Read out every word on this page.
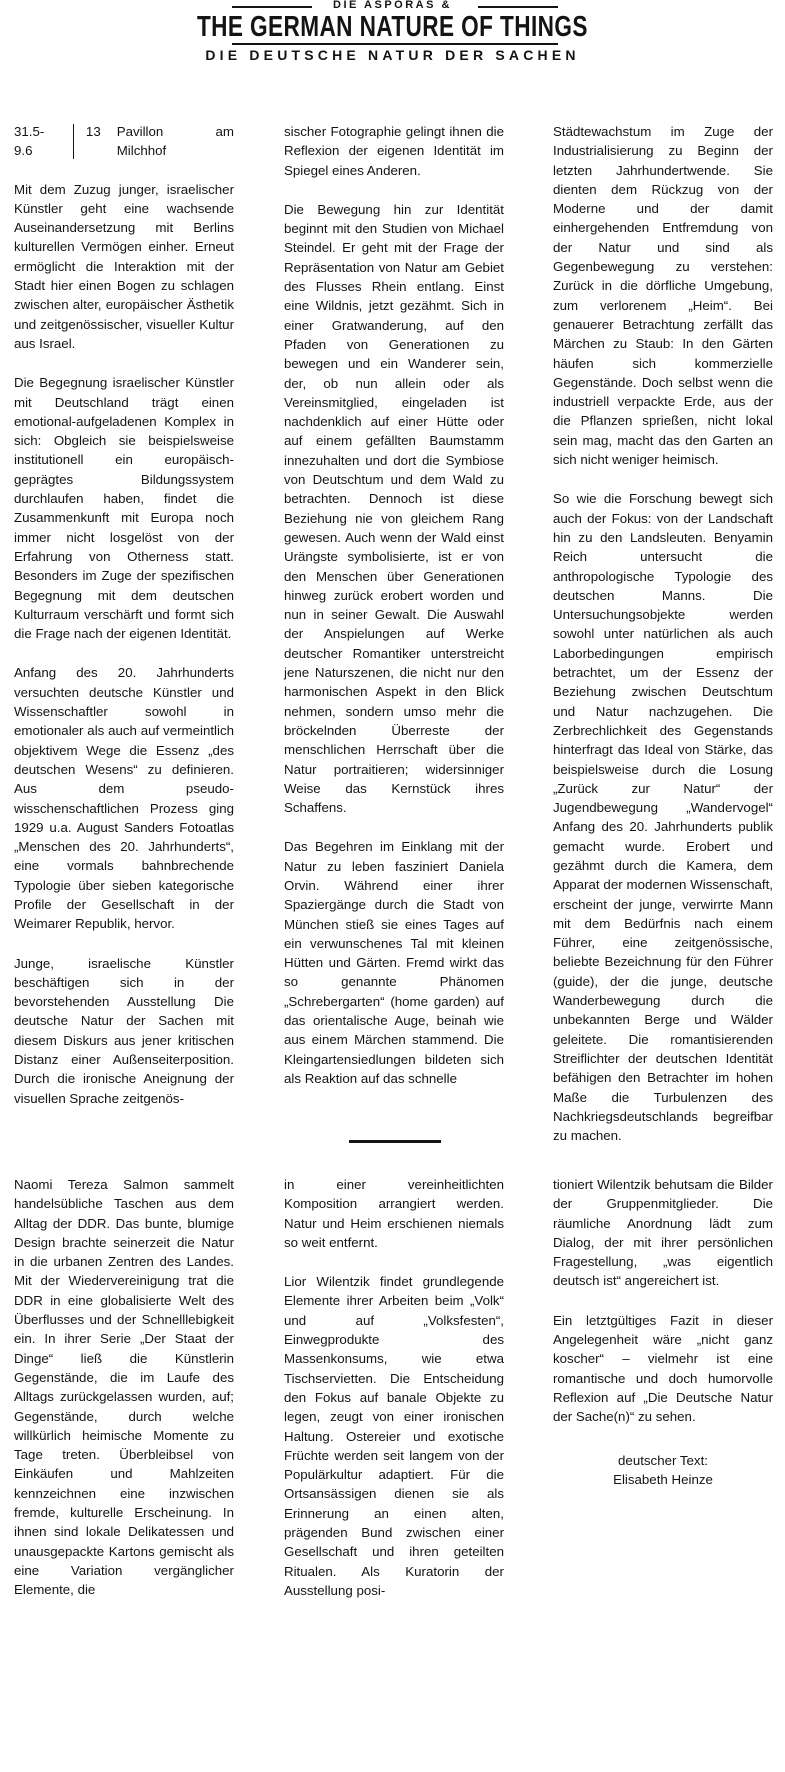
DIE ASPORAS &
THE GERMAN NATURE OF THINGS
DIE DEUTSCHE NATUR DER SACHEN
31.5-9.6
13 Pavillon am Milchhof

Mit dem Zuzug junger, israelischer Künstler geht eine wachsende Auseinandersetzung mit Berlins kulturellen Vermögen einher. Erneut ermöglicht die Interaktion mit der Stadt hier einen Bogen zu schlagen zwischen alter, europäischer Ästhetik und zeitgenössischer, visueller Kultur aus Israel.

Die Begegnung israelischer Künstler mit Deutschland trägt einen emotional-aufgeladenen Komplex in sich: Obgleich sie beispielsweise institutionell ein europäisch-geprägtes Bildungssystem durchlaufen haben, findet die Zusammenkunft mit Europa noch immer nicht losgelöst von der Erfahrung von Otherness statt. Besonders im Zuge der spezifischen Begegnung mit dem deutschen Kulturraum verschärft und formt sich die Frage nach der eigenen Identität.

Anfang des 20. Jahrhunderts versuchten deutsche Künstler und Wissenschaftler sowohl in emotionaler als auch auf vermeintlich objektivem Wege die Essenz „des deutschen Wesens“ zu definieren. Aus dem pseudo-wisschenschaftlichen Prozess ging 1929 u.a. August Sanders Fotoatlas „Menschen des 20. Jahrhunderts“, eine vormals bahnbrechende Typologie über sieben kategorische Profile der Gesellschaft in der Weimarer Republik, hervor.

Junge, israelische Künstler beschäftigen sich in der bevorstehenden Ausstellung Die deutsche Natur der Sachen mit diesem Diskurs aus jener kritischen Distanz einer Außenseiterposition. Durch die ironische Aneignung der visuellen Sprache zeitgenös-

sischer Fotographie gelingt ihnen die Reflexion der eigenen Identität im Spiegel eines Anderen.

Die Bewegung hin zur Identität beginnt mit den Studien von Michael Steindel. Er geht mit der Frage der Repräsentation von Natur am Gebiet des Flusses Rhein entlang. Einst eine Wildnis, jetzt gezähmt. Sich in einer Gratwanderung, auf den Pfaden von Generationen zu bewegen und ein Wanderer sein, der, ob nun allein oder als Vereinsmitglied, eingeladen ist nachdenklich auf einer Hütte oder auf einem gefällten Baumstamm innezuhalten und dort die Symbiose von Deutschtum und dem Wald zu betrachten. Dennoch ist diese Beziehung nie von gleichem Rang gewesen. Auch wenn der Wald einst Urängste symbolisierte, ist er von den Menschen über Generationen hinweg zurück erobert worden und nun in seiner Gewalt. Die Auswahl der Anspielungen auf Werke deutscher Romantiker unterstreicht jene Naturszenen, die nicht nur den harmonischen Aspekt in den Blick nehmen, sondern umso mehr die bröckelnden Überreste der menschlichen Herrschaft über die Natur portraitieren; widersinniger Weise das Kernstück ihres Schaffens.

Das Begehren im Einklang mit der Natur zu leben fasziniert Daniela Orvin. Während einer ihrer Spaziergänge durch die Stadt von München stieß sie eines Tages auf ein verwunschenes Tal mit kleinen Hütten und Gärten. Fremd wirkt das so genannte Phänomen „Schrebergarten“ (home garden) auf das orientalische Auge, beinah wie aus einem Märchen stammend. Die Kleingartensiedlungen bildeten sich als Reaktion auf das schnelle

Städtewachstum im Zuge der Industrialisierung zu Beginn der letzten Jahrhundertwende. Sie dienten dem Rückzug von der Moderne und der damit einhergehenden Entfremdung von der Natur und sind als Gegenbewegung zu verstehen: Zurück in die dörfliche Umgebung, zum verlorenem „Heim“. Bei genauerer Betrachtung zerfällt das Märchen zu Staub: In den Gärten häufen sich kommerzielle Gegenstände. Doch selbst wenn die industriell verpackte Erde, aus der die Pflanzen sprießen, nicht lokal sein mag, macht das den Garten an sich nicht weniger heimisch.

So wie die Forschung bewegt sich auch der Fokus: von der Landschaft hin zu den Landsleuten. Benyamin Reich untersucht die anthropologische Typologie des deutschen Manns. Die Untersuchungsobjekte werden sowohl unter natürlichen als auch Laborbedingungen empirisch betrachtet, um der Essenz der Beziehung zwischen Deutschtum und Natur nachzugehen. Die Zerbrechlichkeit des Gegenstands hinterfragt das Ideal von Stärke, das beispielsweise durch die Losung „Zurück zur Natur“ der Jugendbewegung „Wandervogel“ Anfang des 20. Jahrhunderts publik gemacht wurde. Erobert und gezähmt durch die Kamera, dem Apparat der modernen Wissenschaft, erscheint der junge, verwirrte Mann mit dem Bedürfnis nach einem Führer, eine zeitgenössische, beliebte Bezeichnung für den Führer (guide), der die junge, deutsche Wanderbewegung durch die unbekannten Berge und Wälder geleitete. Die romantisierenden Streiflichter der deutschen Identität befähigen den Betrachter im hohen Maße die Turbulenzen des Nachkriegsdeutschlands begreifbar zu machen.

Naomi Tereza Salmon sammelt handelsübliche Taschen aus dem Alltag der DDR. Das bunte, blumige Design brachte seinerzeit die Natur in die urbanen Zentren des Landes. Mit der Wiedervereinigung trat die DDR in eine globalisierte Welt des Überflusses und der Schnelllebigkeit ein. In ihrer Serie „Der Staat der Dinge“ ließ die Künstlerin Gegenstände, die im Laufe des Alltags zurückgelassen wurden, auf; Gegenstände, durch welche willkürlich heimische Momente zu Tage treten. Überbleibsel von Einkäufen und Mahlzeiten kennzeichnen eine inzwischen fremde, kulturelle Erscheinung. In ihnen sind lokale Delikatessen und unausgepackte Kartons gemischt als eine Variation vergänglicher Elemente, die

in einer vereinheitlichten Komposition arrangiert werden. Natur und Heim erschienen niemals so weit entfernt.

Lior Wilentzik findet grundlegende Elemente ihrer Arbeiten beim „Volk“ und auf „Volksfesten“, Einwegprodukte des Massenkonsums, wie etwa Tischservietten. Die Entscheidung den Fokus auf banale Objekte zu legen, zeugt von einer ironischen Haltung. Ostereier und exotische Früchte werden seit langem von der Populärkultur adaptiert. Für die Ortsansässigen dienen sie als Erinnerung an einen alten, prägenden Bund zwischen einer Gesellschaft und ihren geteilten Ritualen. Als Kuratorin der Ausstellung posi-

tioniert Wilentzik behutsam die Bilder der Gruppenmitglieder. Die räumliche Anordnung lädt zum Dialog, der mit ihrer persönlichen Fragestellung, „was eigentlich deutsch ist“ angereichert ist.

Ein letztgültiges Fazit in dieser Angelegenheit wäre „nicht ganz koscher“ – vielmehr ist eine romantische und doch humorvolle Reflexion auf „Die Deutsche Natur der Sache(n)“ zu sehen.

deutscher Text:
Elisabeth Heinze
